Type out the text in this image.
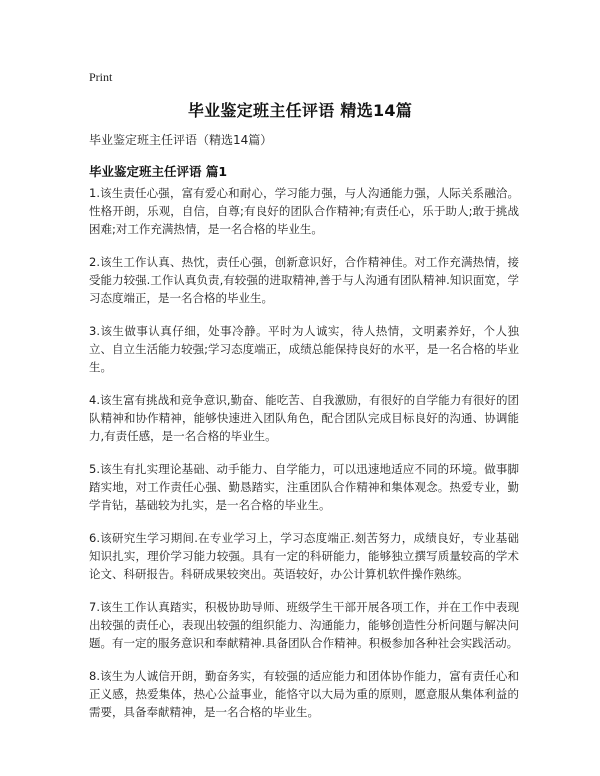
Print
毕业鉴定班主任评语 精选14篇
毕业鉴定班主任评语（精选14篇）
毕业鉴定班主任评语 篇1

1.该生责任心强，富有爱心和耐心，学习能力强，与人沟通能力强，人际关系融洽。性格开朗，乐观，自信，自尊;有良好的团队合作精神;有责任心，乐于助人;敢于挑战困难;对工作充满热情，是一名合格的毕业生。

2.该生工作认真、热忱，责任心强，创新意识好，合作精神佳。对工作充满热情，接受能力较强.工作认真负责,有较强的进取精神,善于与人沟通有团队精神.知识面宽，学习态度端正，是一名合格的毕业生。

3.该生做事认真仔细，处事冷静。平时为人诚实，待人热情，文明素养好，个人独立、自立生活能力较强;学习态度端正，成绩总能保持良好的水平，是一名合格的毕业生。

4.该生富有挑战和竞争意识,勤奋、能吃苦、自我激励，有很好的自学能力有很好的团队精神和协作精神，能够快速进入团队角色，配合团队完成目标良好的沟通、协调能力,有责任感，是一名合格的毕业生。

5.该生有扎实理论基础、动手能力、自学能力，可以迅速地适应不同的环境。做事脚踏实地，对工作责任心强、勤恳踏实，注重团队合作精神和集体观念。热爱专业，勤学肯钻，基础较为扎实，是一名合格的毕业生。

6.该研究生学习期间.在专业学习上，学习态度端正.刻苦努力，成绩良好，专业基础知识扎实，理价学习能力较强。具有一定的科研能力，能够独立撰写质量较高的学术论文、科研报告。科研成果较突出。英语较好，办公计算机软件操作熟练。

7.该生工作认真踏实，积极协助导师、班级学生干部开展各项工作，并在工作中表现出较强的责任心，表现出较强的组织能力、沟通能力，能够创造性分析问题与解决问题。有一定的服务意识和奉献精神.具备团队合作精神。积极参加各种社会实践活动。

8.该生为人诚信开朗，勤奋务实，有较强的适应能力和团体协作能力，富有责任心和正义感，热爱集体，热心公益事业，能恪守以大局为重的原则，愿意服从集体利益的需要，具备奉献精神，是一名合格的毕业生。
